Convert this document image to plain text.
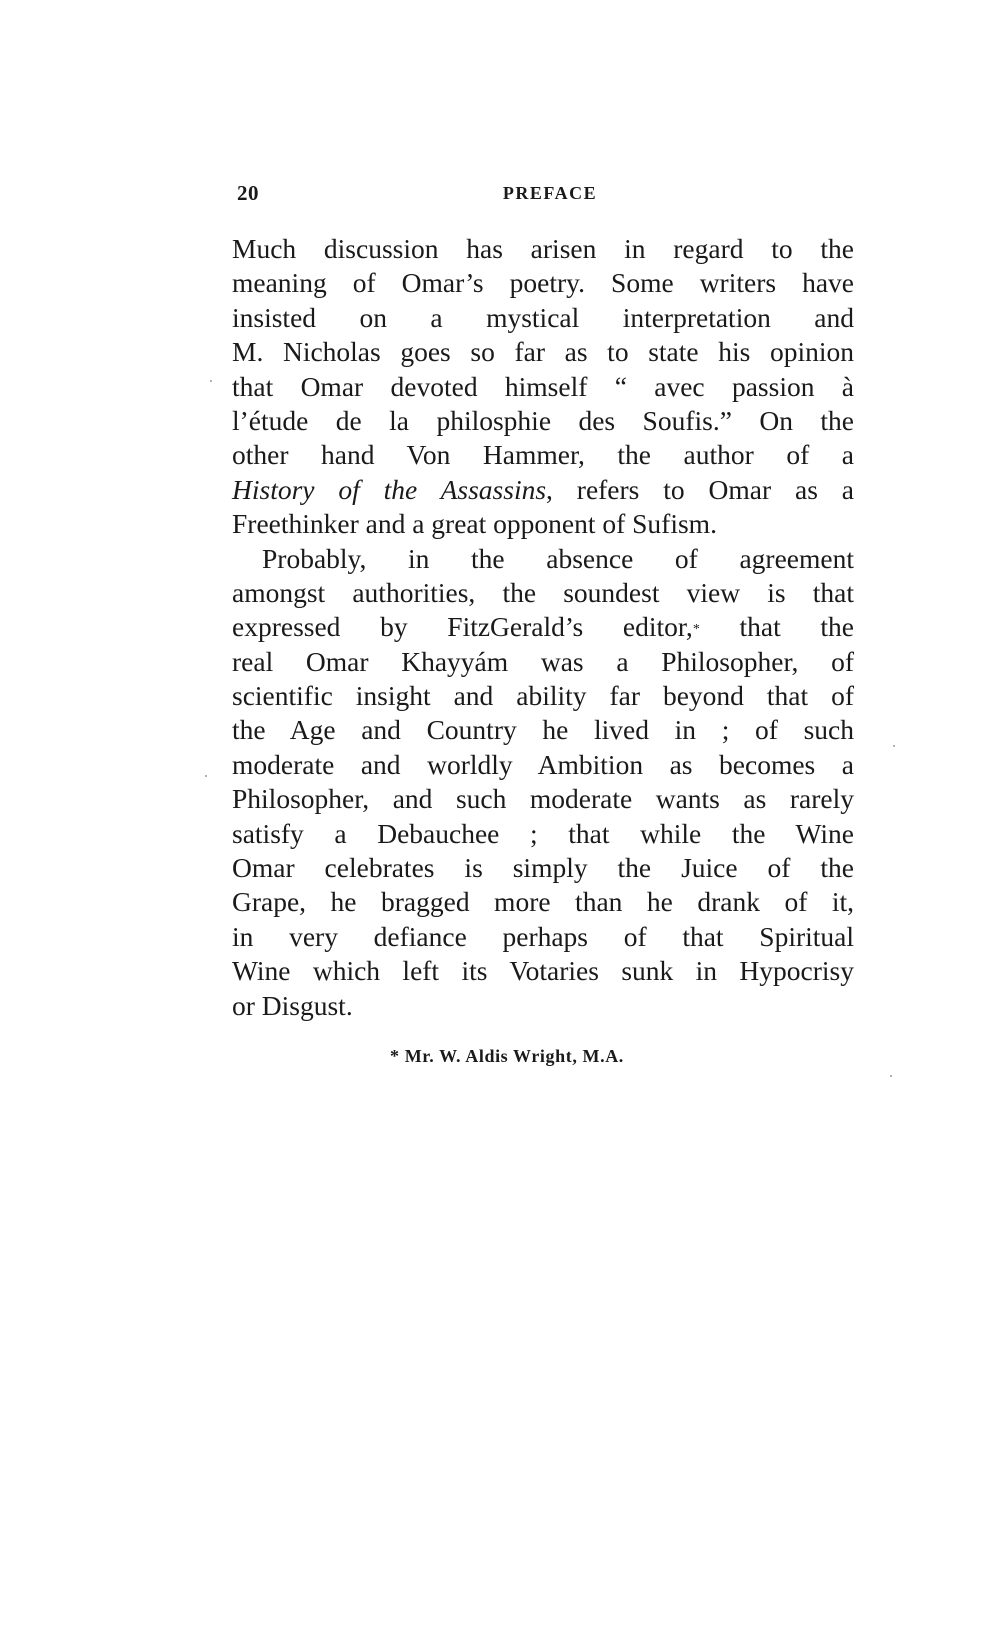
20	PREFACE
Much discussion has arisen in regard to the
meaning of Omar’s poetry. Some writers have
insisted on a mystical interpretation and
M. Nicholas goes so far as to state his opinion
that Omar devoted himself “ avec passion à
l’étude de la philosphie des Soufis.” On the
other hand Von Hammer, the author of a
History of the Assassins, refers to Omar as a
Freethinker and a great opponent of Sufism.
Probably, in the absence of agreement
amongst authorities, the soundest view is that
expressed by FitzGerald’s editor,* that the
real Omar Khayyám was a Philosopher, of
scientific insight and ability far beyond that of
the Age and Country he lived in ; of such
moderate and worldly Ambition as becomes a
Philosopher, and such moderate wants as rarely
satisfy a Debauchee ; that while the Wine
Omar celebrates is simply the Juice of the
Grape, he bragged more than he drank of it,
in very defiance perhaps of that Spiritual
Wine which left its Votaries sunk in Hypocrisy
or Disgust.
* Mr. W. Aldis Wright, M.A.
